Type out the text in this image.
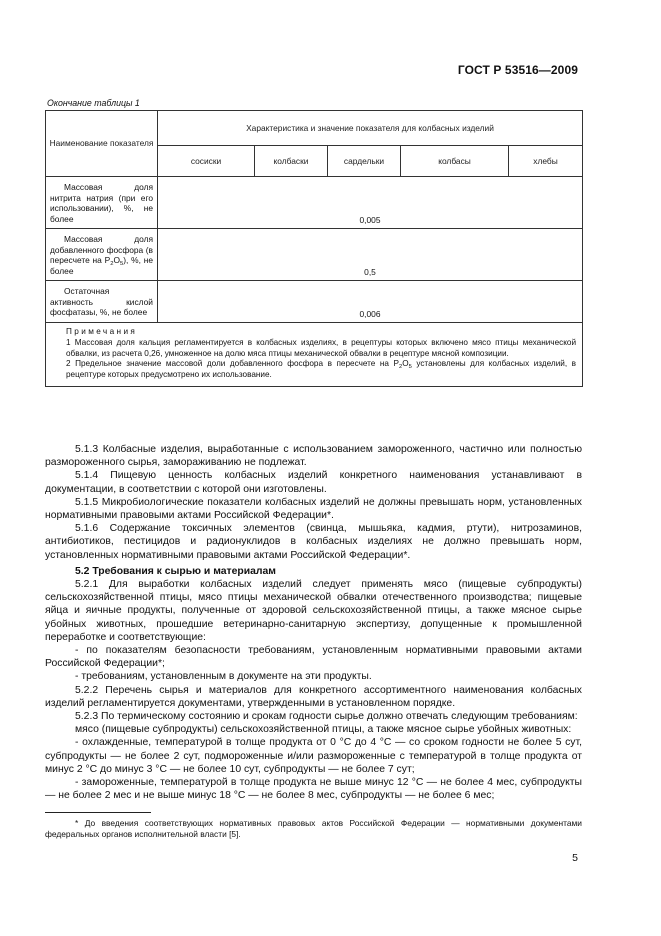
ГОСТ Р 53516—2009
Окончание таблицы 1
Наименование показателя	Характеристика и значение показателя для колбасных изделий				
	сосиски	колбаски	сардельки	колбасы	хлебы
Массовая доля нитрита натрия (при его использовании), %, не более	0,005				

Массовая доля добавленного фосфора (в пересчете на $P_2O_5$), %, не более	0,5				

Остаточная активность кислой фосфатазы, %, не более	0,006				

Примечания

1 Массовая доля кальция регламентируется в колбасных изделиях, в рецептуры которых включено мясо птицы механической обвалки, из расчета 0,26, умноженное на долю мяса птицы механической обвалки в рецептуре мясной композиции.

2 Предельное значение массовой доли добавленного фосфора в пересчете на $P_2O_5$ установлены для колбасных изделий, в рецептуре которых предусмотрено их использование.					

5.1.3 Колбасные изделия, выработанные с использованием замороженного, частично или полностью размороженного сырья, замораживанию не подлежат.

5.1.4 Пищевую ценность колбасных изделий конкретного наименования устанавливают в документации, в соответствии с которой они изготовлены.

5.1.5 Микробиологические показатели колбасных изделий не должны превышать норм, установленных нормативными правовыми актами Российской Федерации*.

5.1.6 Содержание токсичных элементов (свинца, мышьяка, кадмия, ртути), нитрозаминов, антибиотиков, пестицидов и радионуклидов в колбасных изделиях не должно превышать норм, установленных нормативными правовыми актами Российской Федерации*.

5.2 Требования к сырью и материалам

5.2.1 Для выработки колбасных изделий следует применять мясо (пищевые субпродукты) сельскохозяйственной птицы, мясо птицы механической обвалки отечественного производства; пищевые яйца и яичные продукты, полученные от здоровой сельскохозяйственной птицы, а также мясное сырье убойных животных, прошедшие ветеринарно-санитарную экспертизу, допущенные к промышленной переработке и соответствующие:

- по показателям безопасности требованиям, установленным нормативными правовыми актами Российской Федерации*;

- требованиям, установленным в документе на эти продукты.

5.2.2 Перечень сырья и материалов для конкретного ассортиментного наименования колбасных изделий регламентируется документами, утвержденными в установленном порядке.

5.2.3 По термическому состоянию и срокам годности сырье должно отвечать следующим требованиям:

мясо (пищевые субпродукты) сельскохозяйственной птицы, а также мясное сырье убойных животных:

- охлажденные, температурой в толще продукта от 0 °С до 4 °С — со сроком годности не более 5 сут, субпродукты — не более 2 сут, подмороженные и/или размороженные с температурой в толще продукта от минус 2 °С до минус 3 °С — не более 10 сут, субпродукты — не более 7 сут;

- замороженные, температурой в толще продукта не выше минус 12 °С — не более 4 мес, субпродукты — не более 2 мес и не выше минус 18 °С — не более 8 мес, субпродукты — не более 6 мес;

* До введения соответствующих нормативных правовых актов Российской Федерации — нормативными документами федеральных органов исполнительной власти [5].

5
